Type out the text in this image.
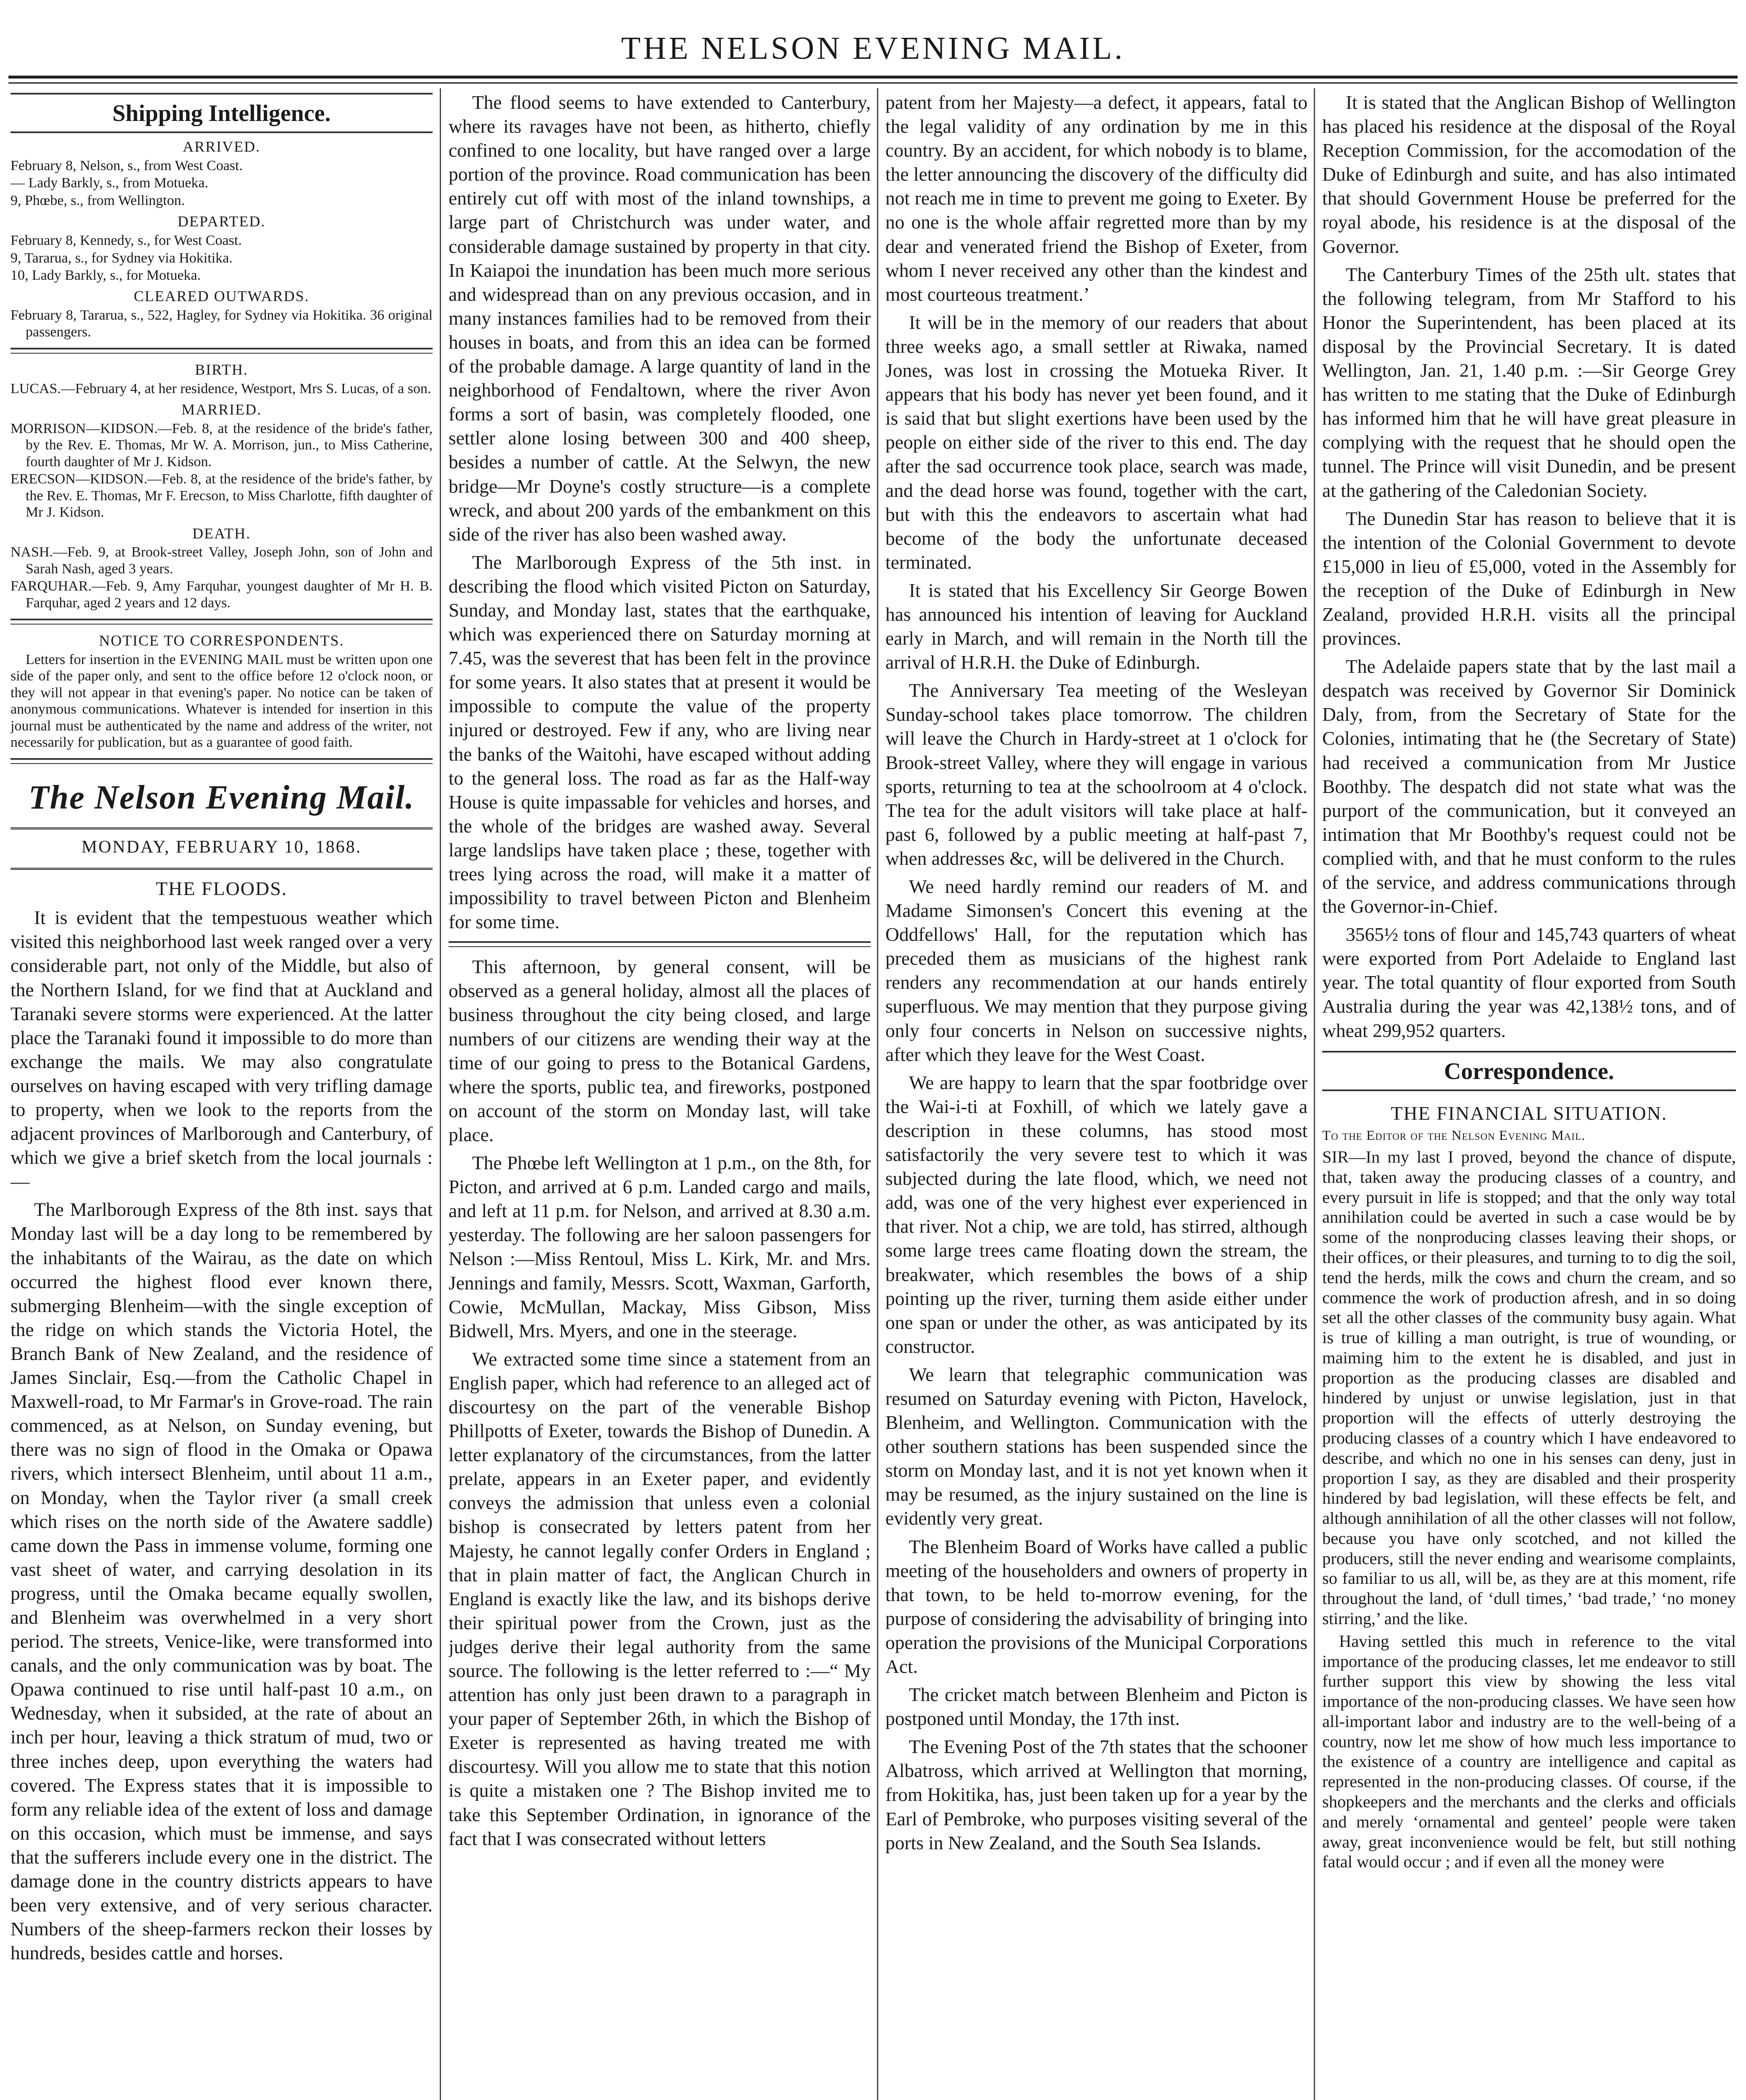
THE NELSON EVENING MAIL.
Shipping Intelligence.
ARRIVED.

February 8, Nelson, s., from West Coast.

— Lady Barkly, s., from Motueka.

9, Phœbe, s., from Wellington.

DEPARTED.

February 8, Kennedy, s., for West Coast.

9, Tararua, s., for Sydney via Hokitika.

10, Lady Barkly, s., for Motueka.

CLEARED OUTWARDS.

February 8, Tararua, s., 522, Hagley, for Sydney via Hokitika. 36 original passengers.

BIRTH.

LUCAS.—February 4, at her residence, Westport, Mrs S. Lucas, of a son.

MARRIED.

MORRISON—KIDSON.—Feb. 8, at the residence of the bride's father, by the Rev. E. Thomas, Mr W. A. Morrison, jun., to Miss Catherine, fourth daughter of Mr J. Kidson.

ERECSON—KIDSON.—Feb. 8, at the residence of the bride's father, by the Rev. E. Thomas, Mr F. Erecson, to Miss Charlotte, fifth daughter of Mr J. Kidson.

DEATH.

NASH.—Feb. 9, at Brook-street Valley, Joseph John, son of John and Sarah Nash, aged 3 years.

FARQUHAR.—Feb. 9, Amy Farquhar, youngest daughter of Mr H. B. Farquhar, aged 2 years and 12 days.

NOTICE TO CORRESPONDENTS.

Letters for insertion in the EVENING MAIL must be written upon one side of the paper only, and sent to the office before 12 o'clock noon, or they will not appear in that evening's paper. No notice can be taken of anonymous communications. Whatever is intended for insertion in this journal must be authenticated by the name and address of the writer, not necessarily for publication, but as a guarantee of good faith.

The Nelson Evening Mail.
MONDAY, FEBRUARY 10, 1868.
THE FLOODS.

It is evident that the tempestuous weather which visited this neighborhood last week ranged over a very considerable part, not only of the Middle, but also of the Northern Island, for we find that at Auckland and Taranaki severe storms were experienced. At the latter place the Taranaki found it impossible to do more than exchange the mails. We may also congratulate ourselves on having escaped with very trifling damage to property, when we look to the reports from the adjacent provinces of Marlborough and Canterbury, of which we give a brief sketch from the local journals :—

The Marlborough Express of the 8th inst. says that Monday last will be a day long to be remembered by the inhabitants of the Wairau, as the date on which occurred the highest flood ever known there, submerging Blenheim—with the single exception of the ridge on which stands the Victoria Hotel, the Branch Bank of New Zealand, and the residence of James Sinclair, Esq.—from the Catholic Chapel in Maxwell-road, to Mr Farmar's in Grove-road. The rain commenced, as at Nelson, on Sunday evening, but there was no sign of flood in the Omaka or Opawa rivers, which intersect Blenheim, until about 11 a.m., on Monday, when the Taylor river (a small creek which rises on the north side of the Awatere saddle) came down the Pass in immense volume, forming one vast sheet of water, and carrying desolation in its progress, until the Omaka became equally swollen, and Blenheim was overwhelmed in a very short period. The streets, Venice-like, were transformed into canals, and the only communication was by boat. The Opawa continued to rise until half-past 10 a.m., on Wednesday, when it subsided, at the rate of about an inch per hour, leaving a thick stratum of mud, two or three inches deep, upon everything the waters had covered. The Express states that it is impossible to form any reliable idea of the extent of loss and damage on this occasion, which must be immense, and says that the sufferers include every one in the district. The damage done in the country districts appears to have been very extensive, and of very serious character. Numbers of the sheep-farmers reckon their losses by hundreds, besides cattle and horses.

The flood seems to have extended to Canterbury, where its ravages have not been, as hitherto, chiefly confined to one locality, but have ranged over a large portion of the province. Road communication has been entirely cut off with most of the inland townships, a large part of Christchurch was under water, and considerable damage sustained by property in that city. In Kaiapoi the inundation has been much more serious and widespread than on any previous occasion, and in many instances families had to be removed from their houses in boats, and from this an idea can be formed of the probable damage. A large quantity of land in the neighborhood of Fendaltown, where the river Avon forms a sort of basin, was completely flooded, one settler alone losing between 300 and 400 sheep, besides a number of cattle. At the Selwyn, the new bridge—Mr Doyne's costly structure—is a complete wreck, and about 200 yards of the embankment on this side of the river has also been washed away.

The Marlborough Express of the 5th inst. in describing the flood which visited Picton on Saturday, Sunday, and Monday last, states that the earthquake, which was experienced there on Saturday morning at 7.45, was the severest that has been felt in the province for some years. It also states that at present it would be impossible to compute the value of the property injured or destroyed. Few if any, who are living near the banks of the Waitohi, have escaped without adding to the general loss. The road as far as the Half-way House is quite impassable for vehicles and horses, and the whole of the bridges are washed away. Several large landslips have taken place ; these, together with trees lying across the road, will make it a matter of impossibility to travel between Picton and Blenheim for some time.

This afternoon, by general consent, will be observed as a general holiday, almost all the places of business throughout the city being closed, and large numbers of our citizens are wending their way at the time of our going to press to the Botanical Gardens, where the sports, public tea, and fireworks, postponed on account of the storm on Monday last, will take place.

The Phœbe left Wellington at 1 p.m., on the 8th, for Picton, and arrived at 6 p.m. Landed cargo and mails, and left at 11 p.m. for Nelson, and arrived at 8.30 a.m. yesterday. The following are her saloon passengers for Nelson :—Miss Rentoul, Miss L. Kirk, Mr. and Mrs. Jennings and family, Messrs. Scott, Waxman, Garforth, Cowie, McMullan, Mackay, Miss Gibson, Miss Bidwell, Mrs. Myers, and one in the steerage.

We extracted some time since a statement from an English paper, which had reference to an alleged act of discourtesy on the part of the venerable Bishop Phillpotts of Exeter, towards the Bishop of Dunedin. A letter explanatory of the circumstances, from the latter prelate, appears in an Exeter paper, and evidently conveys the admission that unless even a colonial bishop is consecrated by letters patent from her Majesty, he cannot legally confer Orders in England ; that in plain matter of fact, the Anglican Church in England is exactly like the law, and its bishops derive their spiritual power from the Crown, just as the judges derive their legal authority from the same source. The following is the letter referred to :—“ My attention has only just been drawn to a paragraph in your paper of September 26th, in which the Bishop of Exeter is represented as having treated me with discourtesy. Will you allow me to state that this notion is quite a mistaken one ? The Bishop invited me to take this September Ordination, in ignorance of the fact that I was consecrated without letters

patent from her Majesty—a defect, it appears, fatal to the legal validity of any ordination by me in this country. By an accident, for which nobody is to blame, the letter announcing the discovery of the difficulty did not reach me in time to prevent me going to Exeter. By no one is the whole affair regretted more than by my dear and venerated friend the Bishop of Exeter, from whom I never received any other than the kindest and most courteous treatment.’

It will be in the memory of our readers that about three weeks ago, a small settler at Riwaka, named Jones, was lost in crossing the Motueka River. It appears that his body has never yet been found, and it is said that but slight exertions have been used by the people on either side of the river to this end. The day after the sad occurrence took place, search was made, and the dead horse was found, together with the cart, but with this the endeavors to ascertain what had become of the body the unfortunate deceased terminated.

It is stated that his Excellency Sir George Bowen has announced his intention of leaving for Auckland early in March, and will remain in the North till the arrival of H.R.H. the Duke of Edinburgh.

The Anniversary Tea meeting of the Wesleyan Sunday-school takes place tomorrow. The children will leave the Church in Hardy-street at 1 o'clock for Brook-street Valley, where they will engage in various sports, returning to tea at the schoolroom at 4 o'clock. The tea for the adult visitors will take place at half-past 6, followed by a public meeting at half-past 7, when addresses &c, will be delivered in the Church.

We need hardly remind our readers of M. and Madame Simonsen's Concert this evening at the Oddfellows' Hall, for the reputation which has preceded them as musicians of the highest rank renders any recommendation at our hands entirely superfluous. We may mention that they purpose giving only four concerts in Nelson on successive nights, after which they leave for the West Coast.

We are happy to learn that the spar footbridge over the Wai-i-ti at Foxhill, of which we lately gave a description in these columns, has stood most satisfactorily the very severe test to which it was subjected during the late flood, which, we need not add, was one of the very highest ever experienced in that river. Not a chip, we are told, has stirred, although some large trees came floating down the stream, the breakwater, which resembles the bows of a ship pointing up the river, turning them aside either under one span or under the other, as was anticipated by its constructor.

We learn that telegraphic communication was resumed on Saturday evening with Picton, Havelock, Blenheim, and Wellington. Communication with the other southern stations has been suspended since the storm on Monday last, and it is not yet known when it may be resumed, as the injury sustained on the line is evidently very great.

The Blenheim Board of Works have called a public meeting of the householders and owners of property in that town, to be held to-morrow evening, for the purpose of considering the advisability of bringing into operation the provisions of the Municipal Corporations Act.

The cricket match between Blenheim and Picton is postponed until Monday, the 17th inst.

The Evening Post of the 7th states that the schooner Albatross, which arrived at Wellington that morning, from Hokitika, has, just been taken up for a year by the Earl of Pembroke, who purposes visiting several of the ports in New Zealand, and the South Sea Islands.

It is stated that the Anglican Bishop of Wellington has placed his residence at the disposal of the Royal Reception Commission, for the accomodation of the Duke of Edinburgh and suite, and has also intimated that should Government House be preferred for the royal abode, his residence is at the disposal of the Governor.

The Canterbury Times of the 25th ult. states that the following telegram, from Mr Stafford to his Honor the Superintendent, has been placed at its disposal by the Provincial Secretary. It is dated Wellington, Jan. 21, 1.40 p.m. :—Sir George Grey has written to me stating that the Duke of Edinburgh has informed him that he will have great pleasure in complying with the request that he should open the tunnel. The Prince will visit Dunedin, and be present at the gathering of the Caledonian Society.

The Dunedin Star has reason to believe that it is the intention of the Colonial Government to devote £15,000 in lieu of £5,000, voted in the Assembly for the reception of the Duke of Edinburgh in New Zealand, provided H.R.H. visits all the principal provinces.

The Adelaide papers state that by the last mail a despatch was received by Governor Sir Dominick Daly, from, from the Secretary of State for the Colonies, intimating that he (the Secretary of State) had received a communication from Mr Justice Boothby. The despatch did not state what was the purport of the communication, but it conveyed an intimation that Mr Boothby's request could not be complied with, and that he must conform to the rules of the service, and address communications through the Governor-in-Chief.

3565½ tons of flour and 145,743 quarters of wheat were exported from Port Adelaide to England last year. The total quantity of flour exported from South Australia during the year was 42,138½ tons, and of wheat 299,952 quarters.

Correspondence.
THE FINANCIAL SITUATION.
To the Editor of the Nelson Evening Mail.

SIR—In my last I proved, beyond the chance of dispute, that, taken away the producing classes of a country, and every pursuit in life is stopped; and that the only way total annihilation could be averted in such a case would be by some of the nonproducing classes leaving their shops, or their offices, or their pleasures, and turning to to dig the soil, tend the herds, milk the cows and churn the cream, and so commence the work of production afresh, and in so doing set all the other classes of the community busy again. What is true of killing a man outright, is true of wounding, or maiming him to the extent he is disabled, and just in proportion as the producing classes are disabled and hindered by unjust or unwise legislation, just in that proportion will the effects of utterly destroying the producing classes of a country which I have endeavored to describe, and which no one in his senses can deny, just in proportion I say, as they are disabled and their prosperity hindered by bad legislation, will these effects be felt, and although annihilation of all the other classes will not follow, because you have only scotched, and not killed the producers, still the never ending and wearisome complaints, so familiar to us all, will be, as they are at this moment, rife throughout the land, of ‘dull times,’ ‘bad trade,’ ‘no money stirring,’ and the like.

Having settled this much in reference to the vital importance of the producing classes, let me endeavor to still further support this view by showing the less vital importance of the non-producing classes. We have seen how all-important labor and industry are to the well-being of a country, now let me show of how much less importance to the existence of a country are intelligence and capital as represented in the non-producing classes. Of course, if the shopkeepers and the merchants and the clerks and officials and merely ‘ornamental and genteel’ people were taken away, great inconvenience would be felt, but still nothing fatal would occur ; and if even all the money were
